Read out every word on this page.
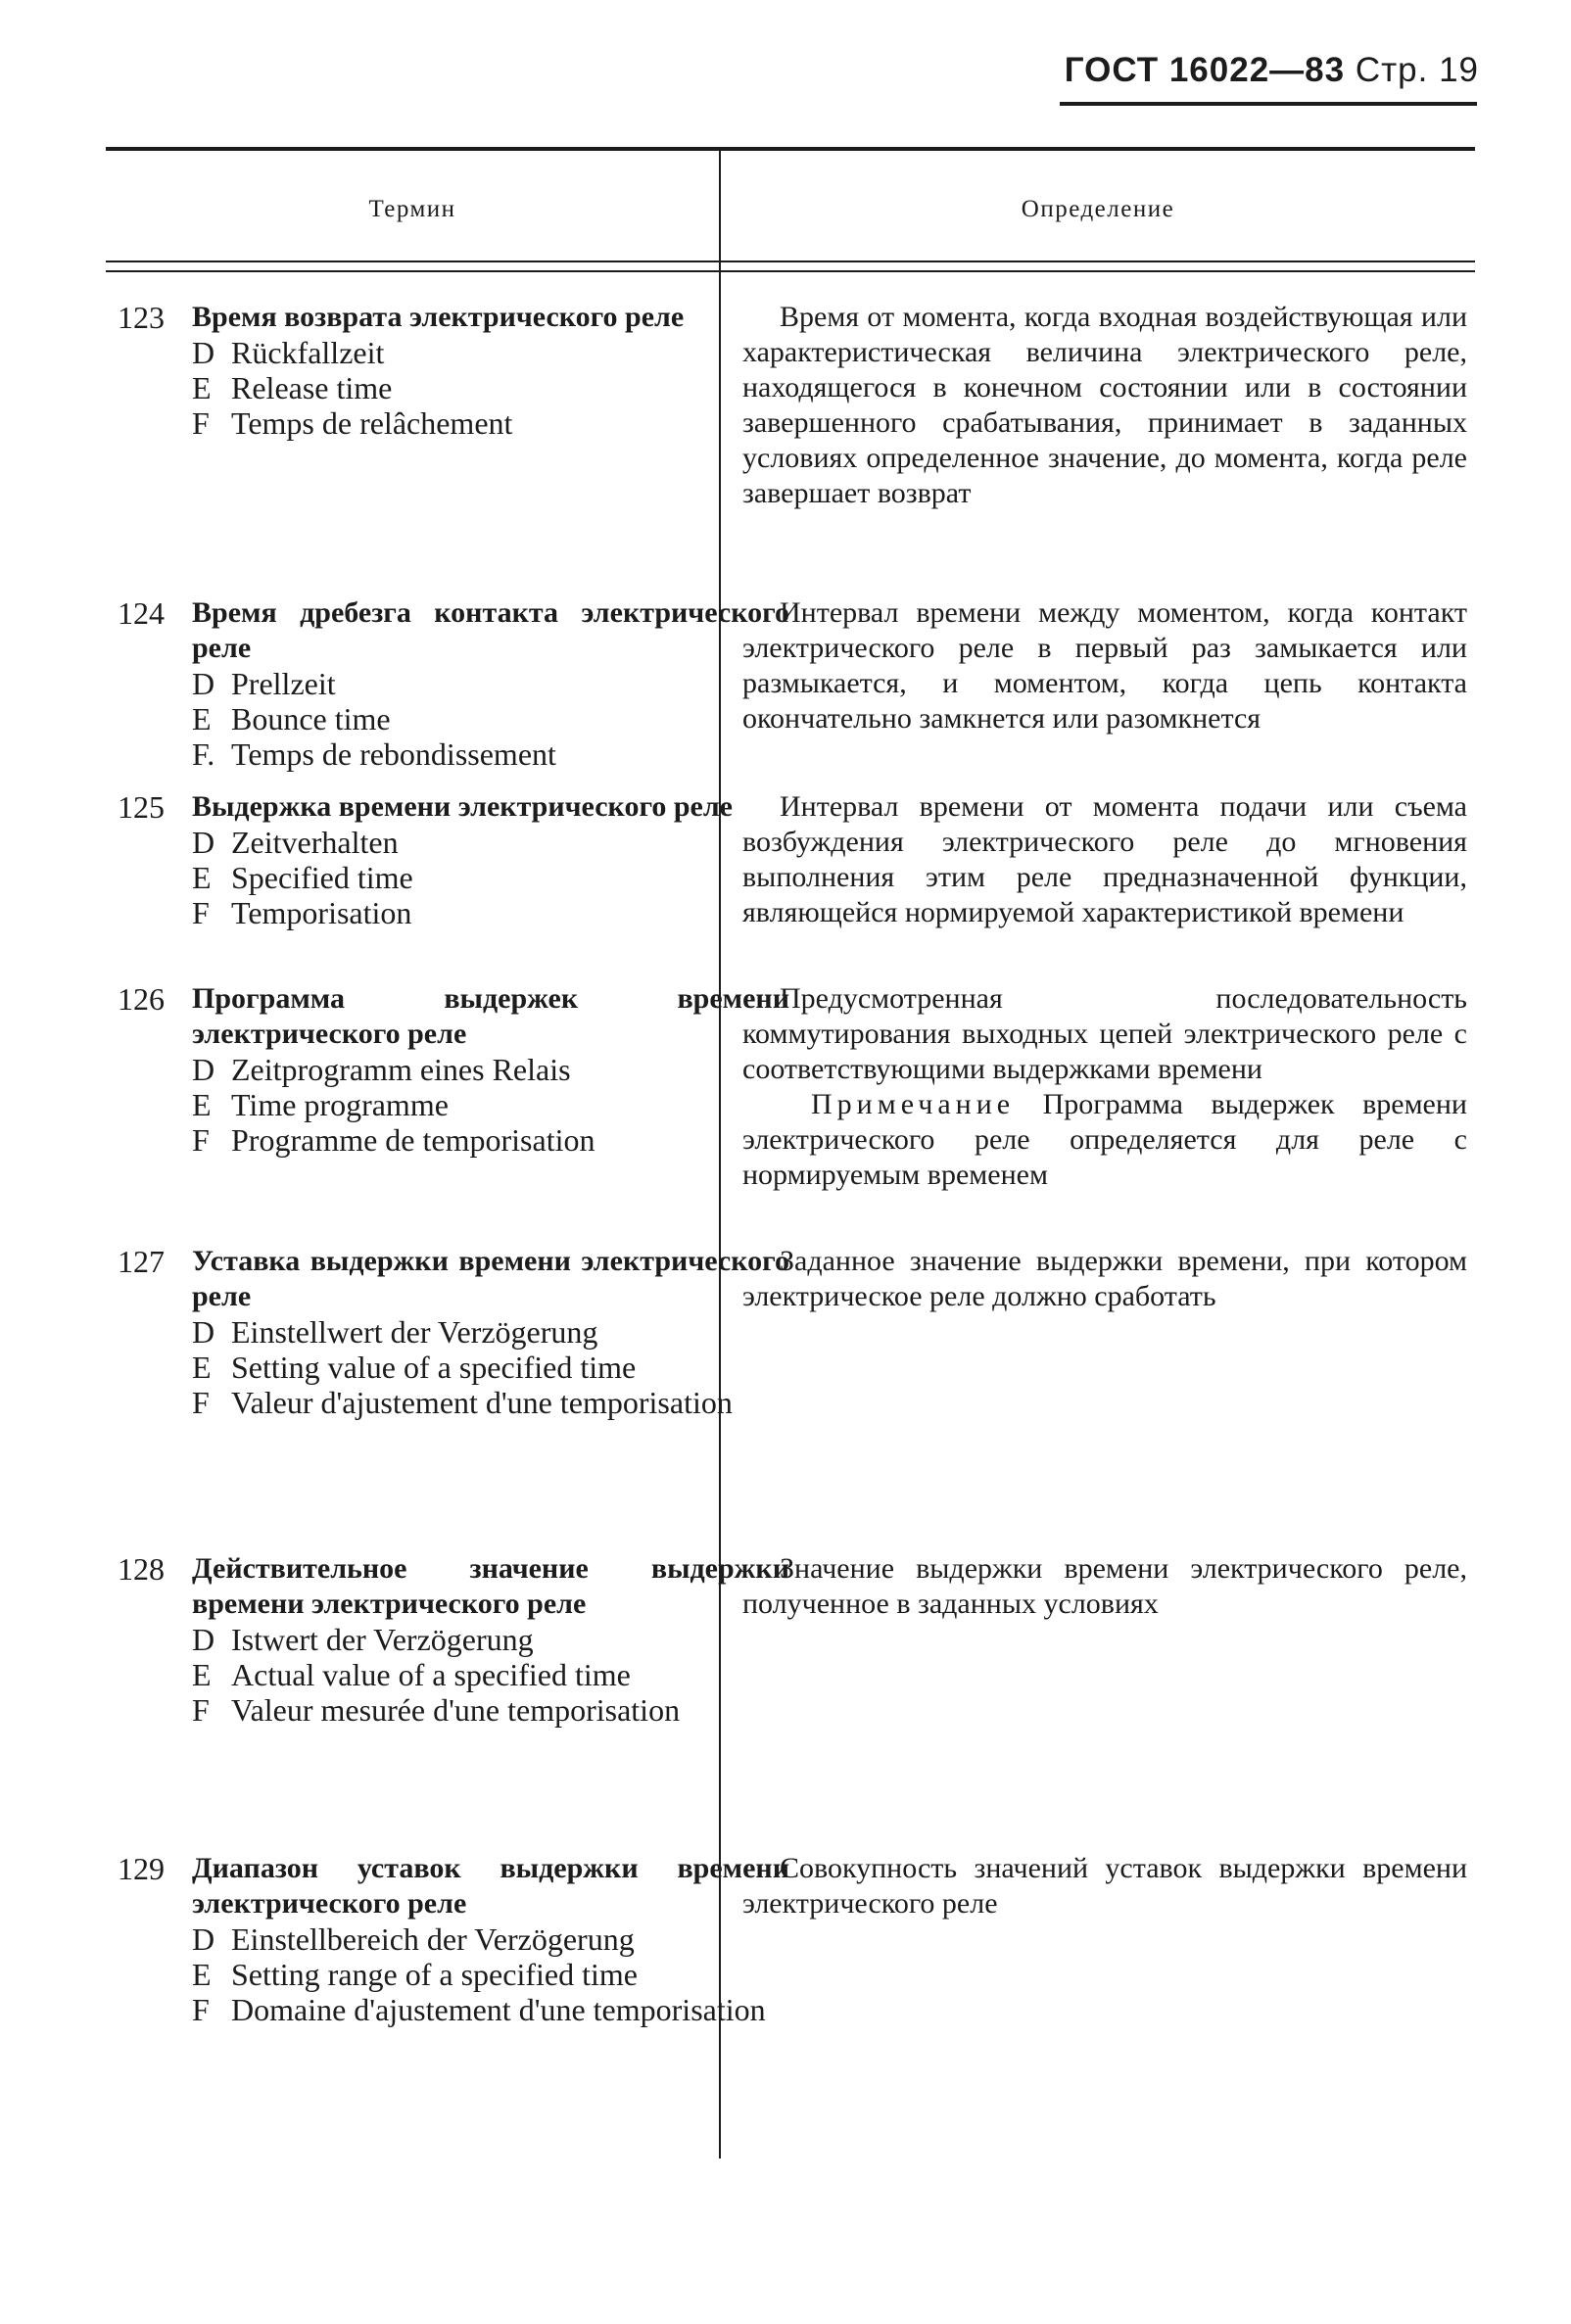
ГОСТ 16022—83 Стр. 19
Термин	Определение
123 Время возврата электрического реле
D Rückfallzeit
E Release time
F Temps de relâchement
Время от момента, когда входная воздействующая или характеристическая величина электрического реле, находящегося в конечном состоянии или в состоянии завершенного срабатывания, принимает в заданных условиях определенное значение, до момента, когда реле завершает возврат
124 Время дребезга контакта электрического реле
D Prellzeit
E Bounce time
F. Temps de rebondissement
Интервал времени между моментом, когда контакт электрического реле в первый раз замыкается или размыкается, и моментом, когда цепь контакта окончательно замкнется или разомкнется
125 Выдержка времени электрического реле
D Zeitverhalten
E Specified time
F Temporisation
Интервал времени от момента подачи или съема возбуждения электрического реле до мгновения выполнения этим реле предназначенной функции, являющейся нормируемой характеристикой времени
126 Программа выдержек времени электрического реле
D Zeitprogramm eines Relais
E Time programme
F Programme de temporisation
Предусмотренная последовательность коммутирования выходных цепей электрического реле с соответствующими выдержками времени
Примечание Программа выдержек времени электрического реле определяется для реле с нормируемым временем
127 Уставка выдержки времени электрического реле
D Einstellwert der Verzögerung
E Setting value of a specified time
F Valeur d'ajustement d'une temporisation
Заданное значение выдержки времени, при котором электрическое реле должно сработать
128 Действительное значение выдержки времени электрического реле
D Istwert der Verzögerung
E Actual value of a specified time
F Valeur mesurée d'une temporisation
Значение выдержки времени электрического реле, полученное в заданных условиях
129 Диапазон уставок выдержки времени электрического реле
D Einstellbereich der Verzögerung
E Setting range of a specified time
F Domaine d'ajustement d'une temporisation
Совокупность значений уставок выдержки времени электрического реле
